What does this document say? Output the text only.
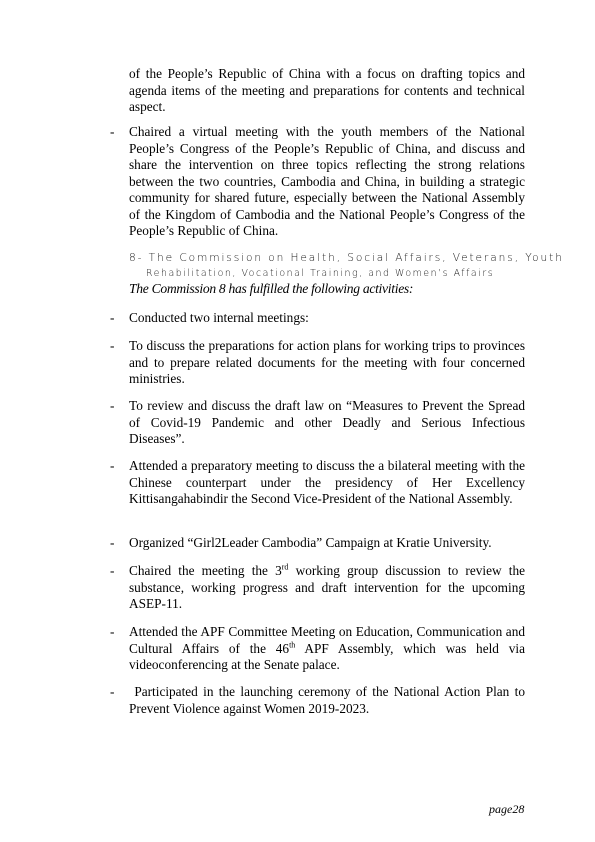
of the People’s Republic of China with a focus on drafting topics and agenda items of the meeting and preparations for contents and technical aspect.

- Chaired a virtual meeting with the youth members of the National People’s Congress of the People’s Republic of China, and discuss and share the intervention on three topics reflecting the strong relations between the two countries, Cambodia and China, in building a strategic community for shared future, especially between the National Assembly of the Kingdom of Cambodia and the National People’s Congress of the People’s Republic of China.

8- The Commission on Health, Social Affairs, Veterans, Youth
Rehabilitation, Vocational Training, and Women’s Affairs
The Commission 8 has fulfilled the following activities:
- Conducted two internal meetings:

- To discuss the preparations for action plans for working trips to provinces and to prepare related documents for the meeting with four concerned ministries.

- To review and discuss the draft law on “Measures to Prevent the Spread of Covid-19 Pandemic and other Deadly and Serious Infectious Diseases”.

- Attended a preparatory meeting to discuss the a bilateral meeting with the Chinese counterpart under the presidency of Her Excellency Kittisangahabindir the Second Vice-President of the National Assembly.

- Organized “Girl2Leader Cambodia” Campaign at Kratie University.

- Chaired the meeting the 3rd working group discussion to review the substance, working progress and draft intervention for the upcoming ASEP-11.

- Attended the APF Committee Meeting on Education, Communication and Cultural Affairs of the 46th APF Assembly, which was held via videoconferencing at the Senate palace.

- Participated in the launching ceremony of the National Action Plan to Prevent Violence against Women 2019-2023.

page28
